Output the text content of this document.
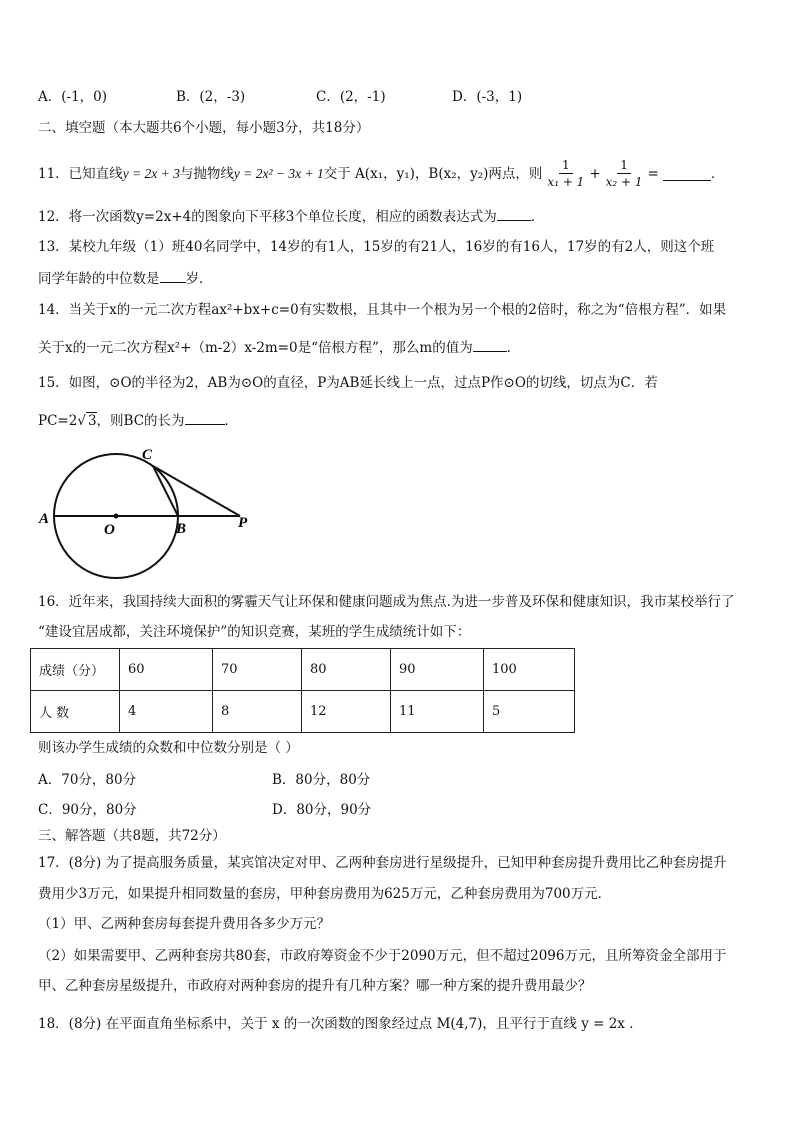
A．(-1，0)	B．(2，-3)	C．(2，-1)	D．(-3，1)
二、填空题（本大题共6个小题，每小题3分，共18分）
11．已知直线 y = 2x + 3 与抛物线 y = 2x² − 3x + 1 交于 A(x₁，y₁)，B(x₂，y₂)两点，则 $\frac{1}{\text{x₁ + 1}} + \frac{1}{\text{x₂ + 1}}$ =	．
12．将一次函数y=2x+4的图象向下平移3个单位长度，相应的函数表达式为	．
13．某校九年级（1）班40名同学中，14岁的有1人，15岁的有21人，16岁的有16人，17岁的有2人，则这个班
同学年龄的中位数是 岁．
14．当关于x的一元二次方程ax²+bx+c=0有实数根，且其中一个根为另一个根的2倍时，称之为“倍根方程”．如果
关于x的一元二次方程x²+（m-2）x-2m=0是“倍根方程”，那么m的值为	．
15．如图，⊙O的半径为2，AB为⊙O的直径，P为AB延长线上一点，过点P作⊙O的切线，切点为C．若
PC=2√ 3，则BC的长为	．
A
O	B	P
C
16．近年来，我国持续大面积的雾霾天气让环保和健康问题成为焦点.为进一步普及环保和健康知识，我市某校举行了
“建设宜居成都，关注环境保护”的知识竞赛，某班的学生成绩统计如下：
成绩（分）	60	70	80	90	100
人 数	4	8	12	11	5
则该办学生成绩的众数和中位数分别是（ ）
A．70分，80分	B．80分，80分
C．90分，80分	D．80分，90分
三、解答题（共8题，共72分）
17．(8分) 为了提高服务质量，某宾馆决定对甲、乙两种套房进行星级提升，已知甲种套房提升费用比乙种套房提升
费用少3万元，如果提升相同数量的套房，甲种套房费用为625万元，乙种套房费用为700万元．
（1）甲、乙两种套房每套提升费用各多少万元？
（2）如果需要甲、乙两种套房共80套，市政府筹资金不少于2090万元，但不超过2096万元，且所筹资金全部用于
甲、乙种套房星级提升，市政府对两种套房的提升有几种方案？哪一种方案的提升费用最少？
18．(8分) 在平面直角坐标系中，关于 x 的一次函数的图象经过点 M(4,7)，且平行于直线 y = 2x ．
